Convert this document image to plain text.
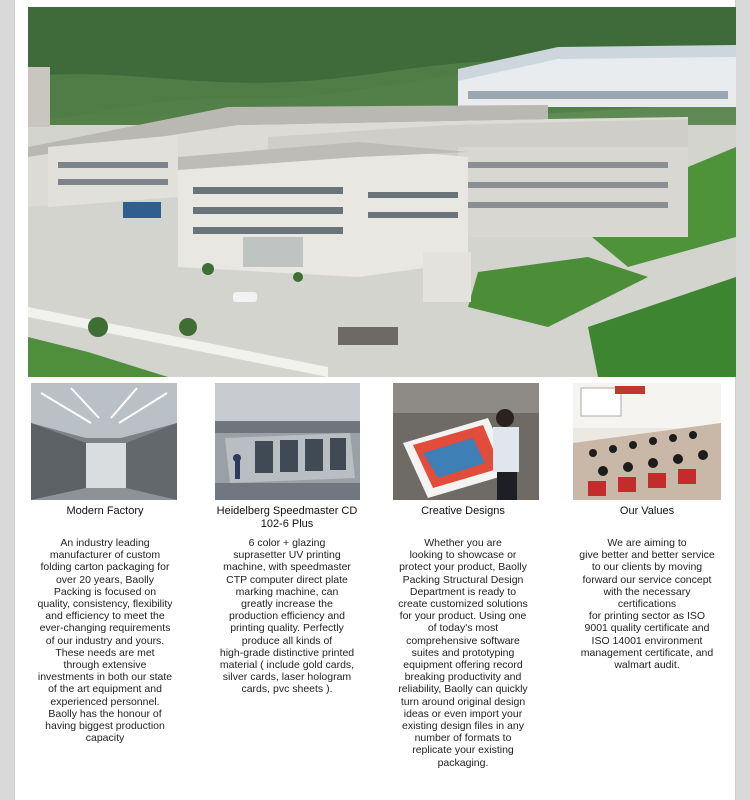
Modern Factory

An industry leading
manufacturer of custom
folding carton packaging for
over 20 years, Baolly
Packing is focused on
quality, consistency, flexibility
and efficiency to meet the
ever-changing requirements
of our industry and yours.
These needs are met
through extensive
investments in both our state
of the art equipment and
experienced personnel.
Baolly has the honour of
having biggest production
capacity

Heidelberg Speedmaster CD
102-6 Plus

6 color + glazing
suprasetter UV printing
machine, with speedmaster
CTP computer direct plate
marking machine, can
greatly increase the
production efficiency and
printing quality. Perfectly
produce all kinds of
high-grade distinctive printed
material ( include gold cards,
silver cards, laser hologram
cards, pvc sheets ).

Creative Designs

Whether you are
looking to showcase or
protect your product, Baolly
Packing Structural Design
Department is ready to
create customized solutions
for your product. Using one
of today's most
comprehensive software
suites and prototyping
equipment offering record
breaking productivity and
reliability, Baolly can quickly
turn around original design
ideas or even import your
existing design files in any
number of formats to
replicate your existing
packaging.

Our Values

We are aiming to
give better and better service
to our clients by moving
forward our service concept
with the necessary
certifications
for printing sector as ISO
9001 quality certificate and
ISO 14001 environment
management certificate, and
walmart audit.
